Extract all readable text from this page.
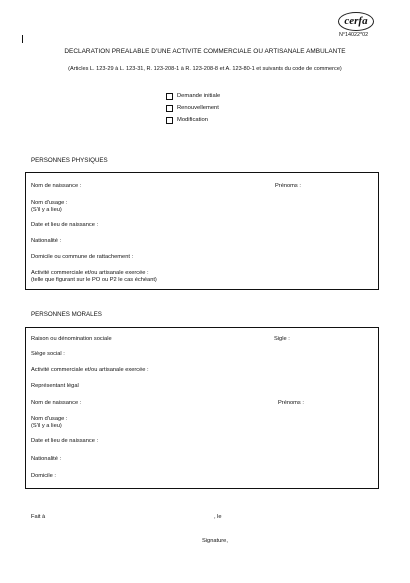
cerfa
N°14022*02
DECLARATION PREALABLE D'UNE ACTIVITE COMMERCIALE OU ARTISANALE AMBULANTE
(Articles L. 123-29 à L. 123-31, R. 123-208-1 à R. 123-208-8 et A. 123-80-1 et suivants du code de commerce)
Demande initiale
Renouvellement
Modification
PERSONNES PHYSIQUES
Nom de naissance :	Prénoms :
Nom d'usage :
(S'il y a lieu)
Date et lieu de naissance :
Nationalité :
Domicile ou commune de rattachement :
Activité commerciale et/ou artisanale exercée :
(telle que figurant sur le PO ou P2 le cas échéant)
PERSONNES MORALES
Raison ou dénomination sociale	Sigle :
Siège social :
Activité commerciale et/ou artisanale exercée :
Représentant légal
Nom de naissance :	Prénoms :
Nom d'usage :
(S'il y a lieu)
Date et lieu de naissance :
Nationalité :
Domicile :
Fait à	, le
Signature,
